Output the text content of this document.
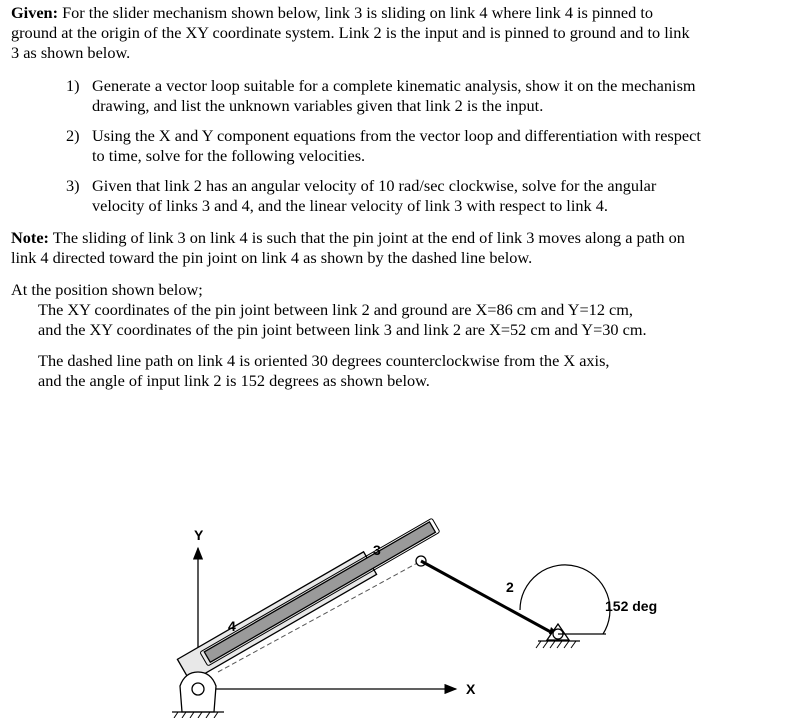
Given: For the slider mechanism shown below, link 3 is sliding on link 4 where link 4 is pinned to
ground at the origin of the XY coordinate system. Link 2 is the input and is pinned to ground and to link
3 as shown below.
1) Generate a vector loop suitable for a complete kinematic analysis, show it on the mechanism
drawing, and list the unknown variables given that link 2 is the input.
2) Using the X and Y component equations from the vector loop and differentiation with respect
to time, solve for the following velocities.
3) Given that link 2 has an angular velocity of 10 rad/sec clockwise, solve for the angular
velocity of links 3 and 4, and the linear velocity of link 3 with respect to link 4.
Note: The sliding of link 3 on link 4 is such that the pin joint at the end of link 3 moves along a path on
link 4 directed toward the pin joint on link 4 as shown by the dashed line below.
At the position shown below;
The XY coordinates of the pin joint between link 2 and ground are X=86 cm and Y=12 cm,
and the XY coordinates of the pin joint between link 3 and link 2 are X=52 cm and Y=30 cm.
The dashed line path on link 4 is oriented 30 degrees counterclockwise from the X axis,
and the angle of input link 2 is 152 degrees as shown below.
Y
X
3
2
4
152 deg
